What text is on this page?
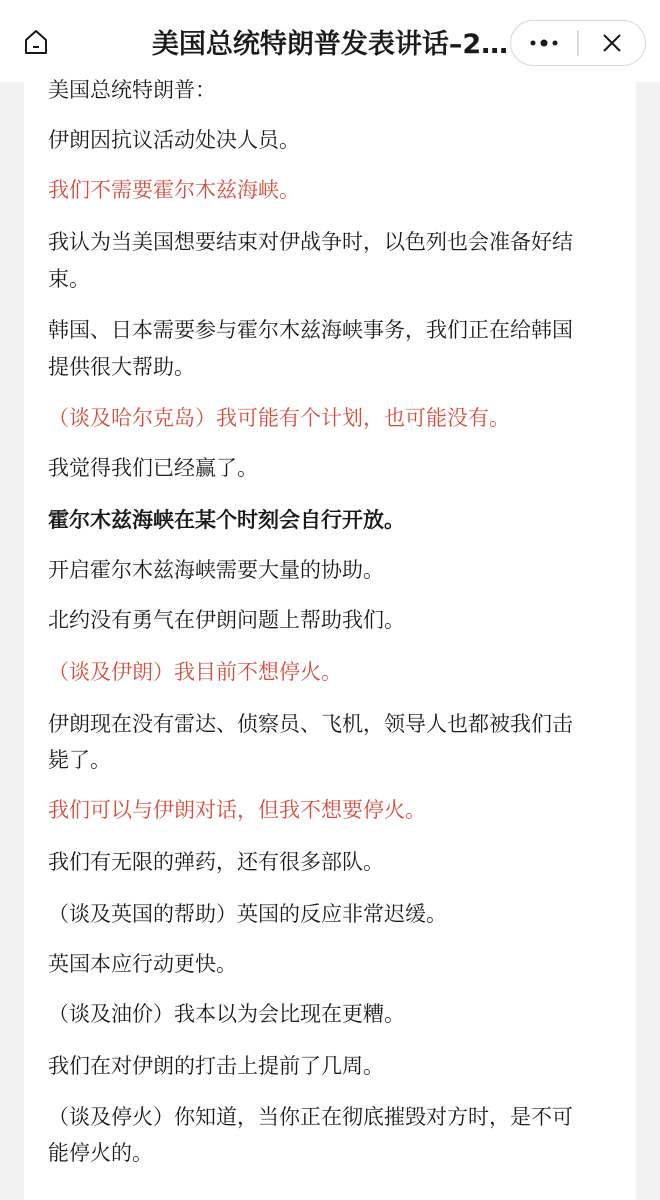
美国总统特朗普发表讲话–2…
美国总统特朗普：
伊朗因抗议活动处决人员。
我们不需要霍尔木兹海峡。
我认为当美国想要结束对伊战争时，以色列也会准备好结
束。
韩国、日本需要参与霍尔木兹海峡事务，我们正在给韩国
提供很大帮助。
（谈及哈尔克岛）我可能有个计划，也可能没有。
我觉得我们已经赢了。
霍尔木兹海峡在某个时刻会自行开放。
开启霍尔木兹海峡需要大量的协助。
北约没有勇气在伊朗问题上帮助我们。
（谈及伊朗）我目前不想停火。
伊朗现在没有雷达、侦察员、飞机，领导人也都被我们击
毙了。
我们可以与伊朗对话，但我不想要停火。
我们有无限的弹药，还有很多部队。
（谈及英国的帮助）英国的反应非常迟缓。
英国本应行动更快。
（谈及油价）我本以为会比现在更糟。
我们在对伊朗的打击上提前了几周。
（谈及停火）你知道，当你正在彻底摧毁对方时，是不可
能停火的。
